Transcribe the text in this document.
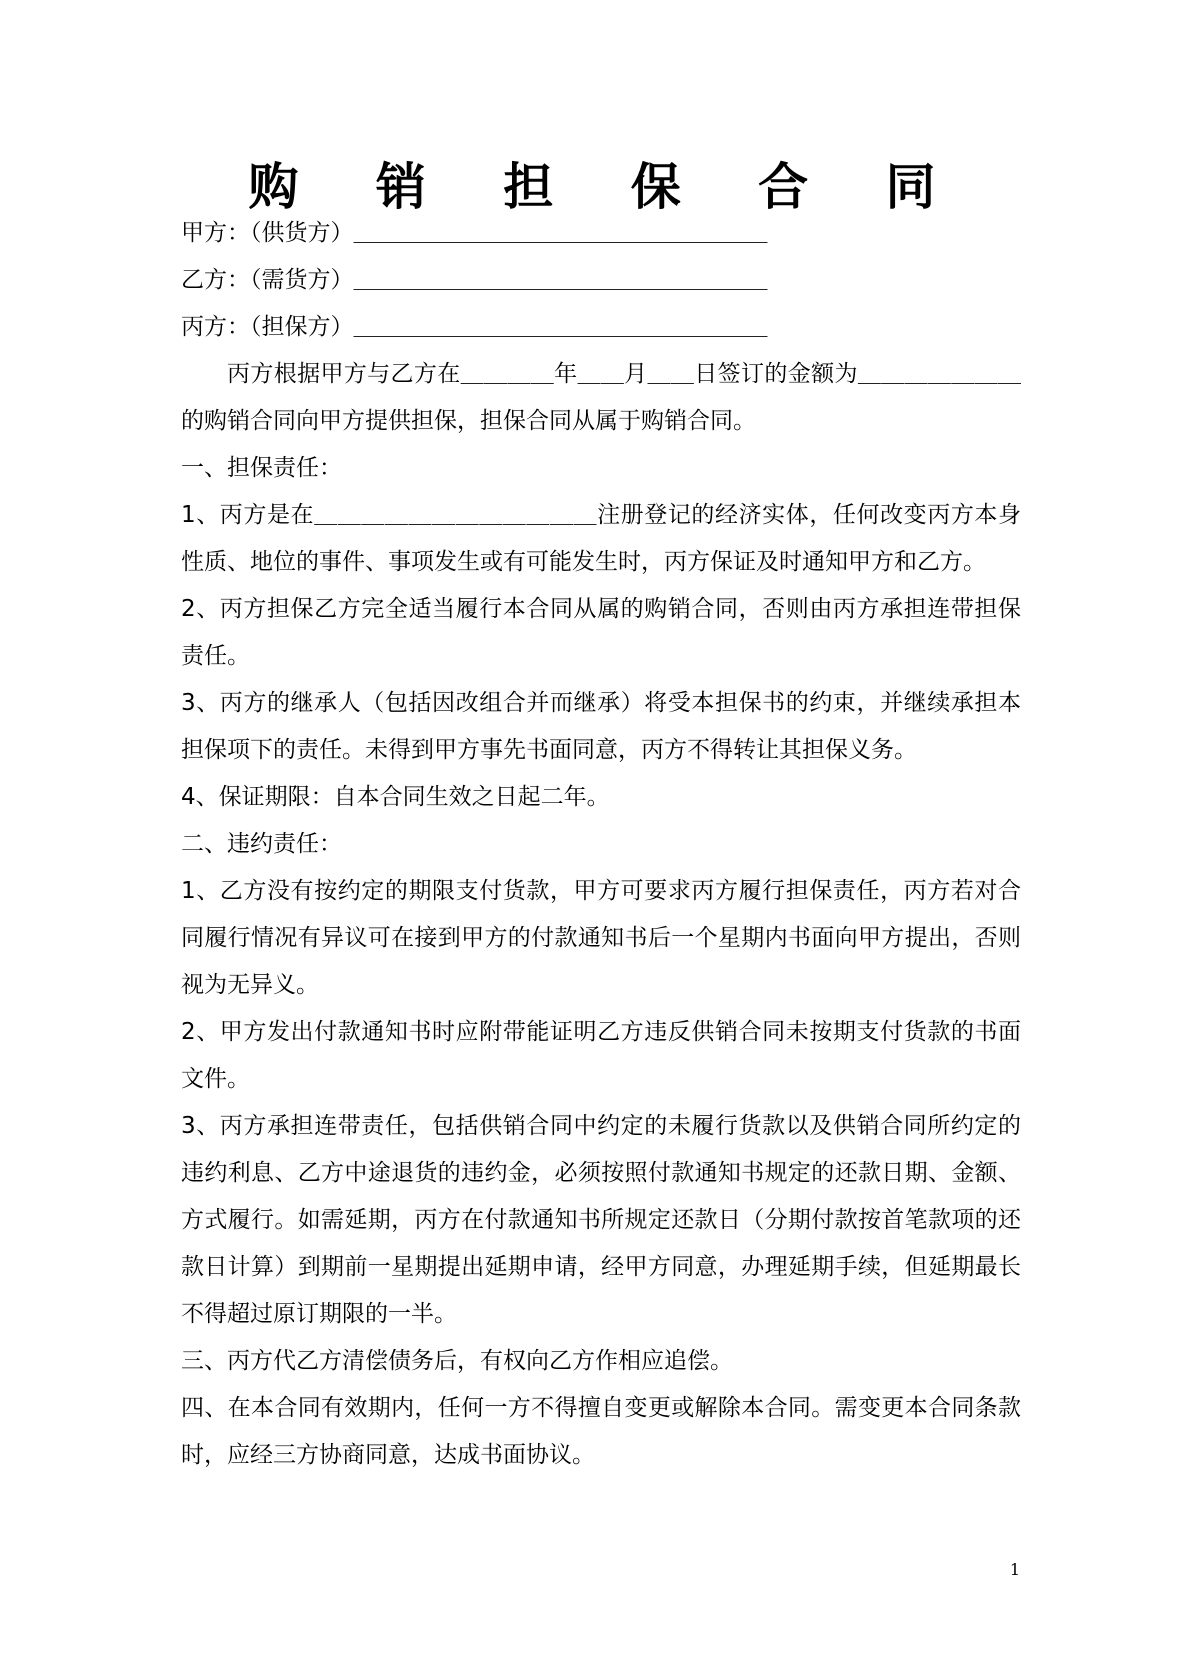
购 销 担 保 合 同
甲方：（供货方）＿＿＿＿＿＿＿＿＿＿＿＿＿＿＿＿＿＿
乙方：（需货方）＿＿＿＿＿＿＿＿＿＿＿＿＿＿＿＿＿＿
丙方：（担保方）＿＿＿＿＿＿＿＿＿＿＿＿＿＿＿＿＿＿

丙方根据甲方与乙方在＿＿＿＿年＿＿月＿＿日签订的金额为＿＿＿＿＿＿＿的购销合同向甲方提供担保，担保合同从属于购销合同。

一、担保责任：

1、丙方是在＿＿＿＿＿＿＿＿＿＿＿＿注册登记的经济实体，任何改变丙方本身性质、地位的事件、事项发生或有可能发生时，丙方保证及时通知甲方和乙方。

2、丙方担保乙方完全适当履行本合同从属的购销合同，否则由丙方承担连带担保责任。

3、丙方的继承人（包括因改组合并而继承）将受本担保书的约束，并继续承担本担保项下的责任。未得到甲方事先书面同意，丙方不得转让其担保义务。

4、保证期限：自本合同生效之日起二年。

二、违约责任：

1、乙方没有按约定的期限支付货款，甲方可要求丙方履行担保责任，丙方若对合同履行情况有异议可在接到甲方的付款通知书后一个星期内书面向甲方提出，否则视为无异义。

2、甲方发出付款通知书时应附带能证明乙方违反供销合同未按期支付货款的书面文件。

3、丙方承担连带责任，包括供销合同中约定的未履行货款以及供销合同所约定的违约利息、乙方中途退货的违约金，必须按照付款通知书规定的还款日期、金额、方式履行。如需延期，丙方在付款通知书所规定还款日（分期付款按首笔款项的还款日计算）到期前一星期提出延期申请，经甲方同意，办理延期手续，但延期最长不得超过原订期限的一半。

三、丙方代乙方清偿债务后，有权向乙方作相应追偿。

四、在本合同有效期内，任何一方不得擅自变更或解除本合同。需变更本合同条款时，应经三方协商同意，达成书面协议。

1
